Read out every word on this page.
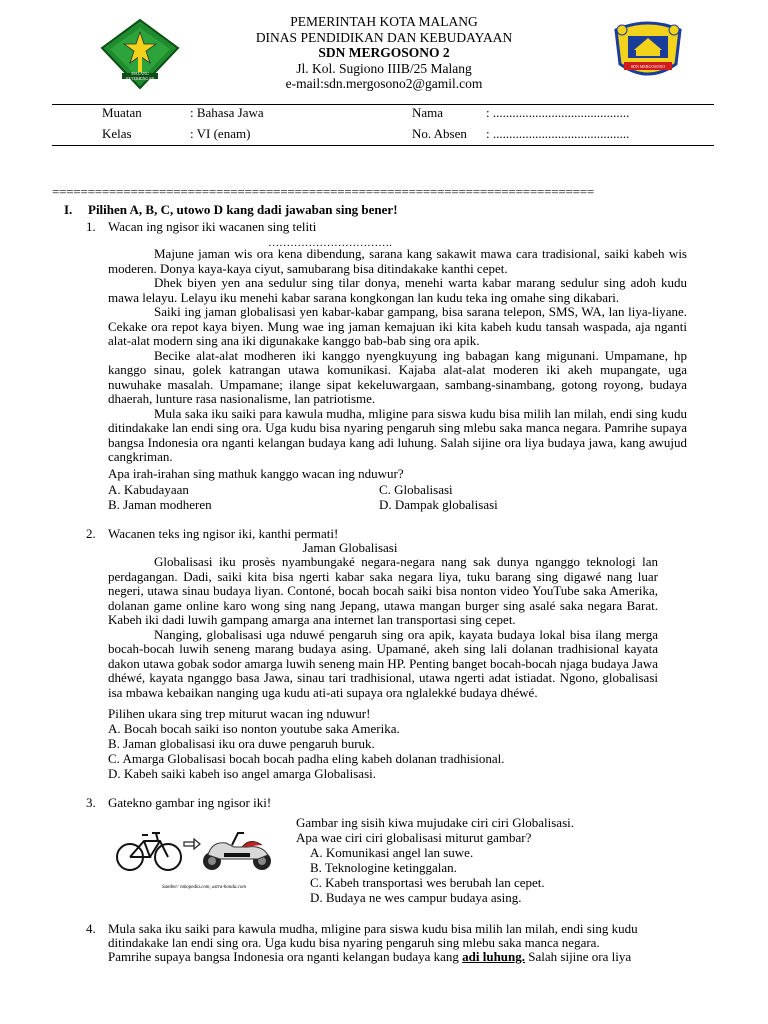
MALANG BETERBINGAR
SDN MERGOSONO
PEMERINTAH KOTA MALANG
DINAS PENDIDIKAN DAN KEBUDAYAAN
SDN MERGOSONO 2
Jl. Kol. Sugiono IIIB/25 Malang
e-mail:sdn.mergosono2@gamil.com
Muatan	: Bahasa Jawa	Nama	: ..........................................
Kelas	: VI (enam)	No. Absen : ..........................................
============================================================================
I. Pilihen A, B, C, utowo D kang dadi jawaban sing bener!
1. Wacan ing ngisor iki wacanen sing teliti
…………………………….

Majune jaman wis ora kena dibendung, sarana kang sakawit mawa cara tradisional, saiki kabeh wis moderen. Donya kaya-kaya ciyut, samubarang bisa ditindakake kanthi cepet.

Dhek biyen yen ana sedulur sing tilar donya, menehi warta kabar marang sedulur sing adoh kudu mawa lelayu. Lelayu iku menehi kabar sarana kongkongan lan kudu teka ing omahe sing dikabari.

Saiki ing jaman globalisasi yen kabar-kabar gampang, bisa sarana telepon, SMS, WA, lan liya-liyane. Cekake ora repot kaya biyen. Mung wae ing jaman kemajuan iki kita kabeh kudu tansah waspada, aja nganti alat-alat modern sing ana iki digunakake kanggo bab-bab sing ora apik.

Becike alat-alat modheren iki kanggo nyengkuyung ing babagan kang migunani. Umpamane, hp kanggo sinau, golek katrangan utawa komunikasi. Kajaba alat-alat moderen iki akeh mupangate, uga nuwuhake masalah. Umpamane; ilange sipat kekeluwargaan, sambang-sinambang, gotong royong, budaya dhaerah, lunture rasa nasionalisme, lan patriotisme.

Mula saka iku saiki para kawula mudha, mligine para siswa kudu bisa milih lan milah, endi sing kudu ditindakake lan endi sing ora. Uga kudu bisa nyaring pengaruh sing mlebu saka manca negara. Pamrihe supaya bangsa Indonesia ora nganti kelangan budaya kang adi luhung. Salah sijine ora liya budaya jawa, kang awujud cangkriman.

Apa irah-irahan sing mathuk kanggo wacan ing nduwur?
A. Kabudayaan
B. Jaman modheren
C. Globalisasi
D. Dampak globalisasi
2. Wacanen teks ing ngisor iki, kanthi permati!
Jaman Globalisasi

Globalisasi iku prosès nyambungaké negara-negara nang sak dunya nganggo teknologi lan perdagangan. Dadi, saiki kita bisa ngerti kabar saka negara liya, tuku barang sing digawé nang luar negeri, utawa sinau budaya liyan. Contoné, bocah bocah saiki bisa nonton video YouTube saka Amerika, dolanan game online karo wong sing nang Jepang, utawa mangan burger sing asalé saka negara Barat. Kabeh iki dadi luwih gampang amarga ana internet lan transportasi sing cepet.

Nanging, globalisasi uga nduwé pengaruh sing ora apik, kayata budaya lokal bisa ilang merga bocah-bocah luwih seneng marang budaya asing. Upamané, akeh sing lali dolanan tradhisional kayata dakon utawa gobak sodor amarga luwih seneng main HP. Penting banget bocah-bocah njaga budaya Jawa dhéwé, kayata nganggo basa Jawa, sinau tari tradhisional, utawa ngerti adat istiadat. Ngono, globalisasi isa mbawa kebaikan nanging uga kudu ati-ati supaya ora nglalekké budaya dhéwé.

Pilihen ukara sing trep miturut wacan ing nduwur!
A. Bocah bocah saiki iso nonton youtube saka Amerika.
B. Jaman globalisasi iku ora duwe pengaruh buruk.
C. Amarga Globalisasi bocah bocah padha eling kabeh dolanan tradhisional.
D. Kabeh saiki kabeh iso angel amarga Globalisasi.
3. Gatekno gambar ing ngisor iki!
Sumber: tokopedia.com, astra-honda.com
Gambar ing sisih kiwa mujudake ciri ciri Globalisasi.
Apa wae ciri ciri globalisasi miturut gambar?
A. Komunikasi angel lan suwe.
B. Teknologine ketinggalan.
C. Kabeh transportasi wes berubah lan cepet.
D. Budaya ne wes campur budaya asing.
4. Mula saka iku saiki para kawula mudha, mligine para siswa kudu bisa milih lan milah, endi sing kudu
ditindakake lan endi sing ora. Uga kudu bisa nyaring pengaruh sing mlebu saka manca negara.
Pamrihe supaya bangsa Indonesia ora nganti kelangan budaya kang adi luhung. Salah sijine ora liya
